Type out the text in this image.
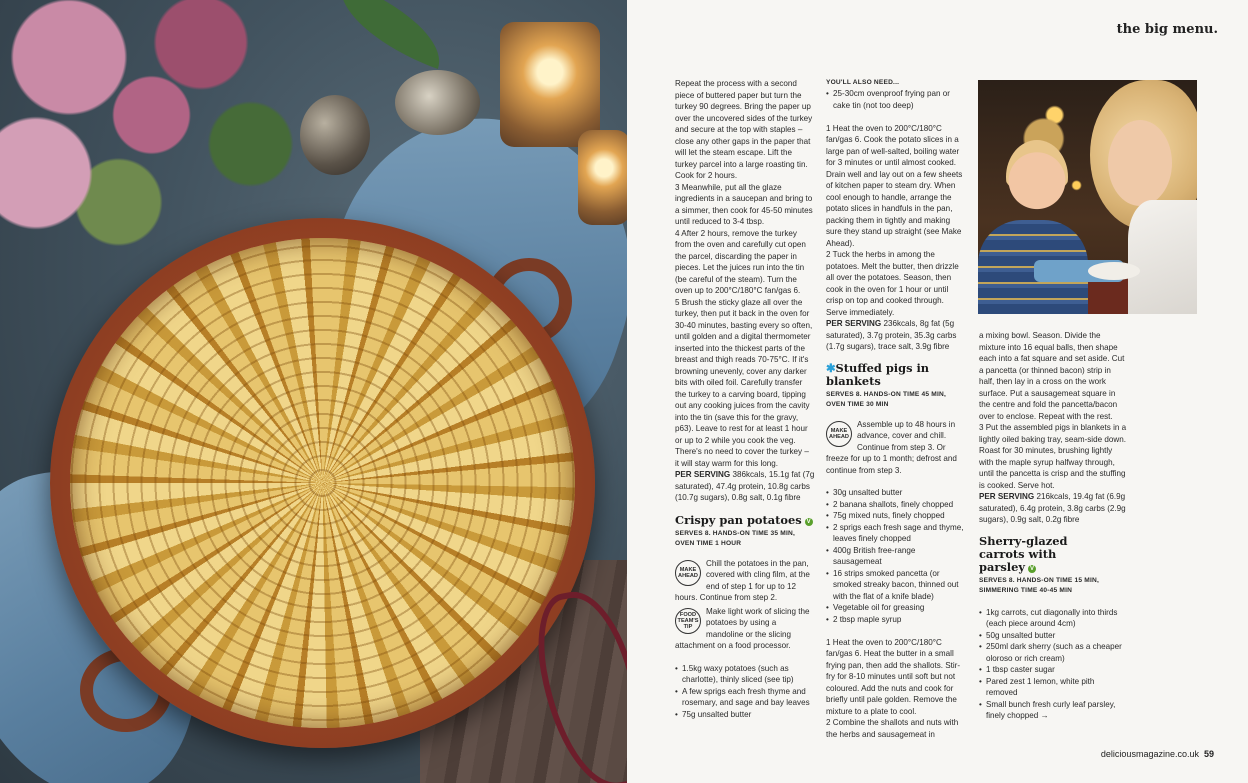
the big menu.

Repeat the process with a second piece of buttered paper but turn the turkey 90 degrees. Bring the paper up over the uncovered sides of the turkey and secure at the top with staples – close any other gaps in the paper that will let the steam escape. Lift the turkey parcel into a large roasting tin. Cook for 2 hours.

3 Meanwhile, put all the glaze ingredients in a saucepan and bring to a simmer, then cook for 45-50 minutes until reduced to 3-4 tbsp.

4 After 2 hours, remove the turkey from the oven and carefully cut open the parcel, discarding the paper in pieces. Let the juices run into the tin (be careful of the steam). Turn the oven up to 200°C/180°C fan/gas 6.

5 Brush the sticky glaze all over the turkey, then put it back in the oven for 30-40 minutes, basting every so often, until golden and a digital thermometer inserted into the thickest parts of the breast and thigh reads 70-75°C. If it's browning unevenly, cover any darker bits with oiled foil. Carefully transfer the turkey to a carving board, tipping out any cooking juices from the cavity into the tin (save this for the gravy, p63). Leave to rest for at least 1 hour or up to 2 while you cook the veg. There's no need to cover the turkey – it will stay warm for this long.

PER SERVING 386kcals, 15.1g fat (7g saturated), 47.4g protein, 10.8g carbs (10.7g sugars), 0.8g salt, 0.1g fibre

Crispy pan potatoes V
SERVES 8. HANDS-ON TIME 35 MIN,
OVEN TIME 1 HOUR
MAKE AHEAD
Chill the potatoes in the pan, covered with cling film, at the end of step 1 for up to 12 hours. Continue from step 2.
FOOD TEAM'S TIP
Make light work of slicing the potatoes by using a mandoline or the slicing attachment on a food processor.
• 1.5kg waxy potatoes (such as charlotte), thinly sliced (see tip)
• A few sprigs each fresh thyme and rosemary, and sage and bay leaves
• 75g unsalted butter
YOU'LL ALSO NEED...
• 25-30cm ovenproof frying pan or cake tin (not too deep)

1 Heat the oven to 200°C/180°C fan/gas 6. Cook the potato slices in a large pan of well-salted, boiling water for 3 minutes or until almost cooked. Drain well and lay out on a few sheets of kitchen paper to steam dry. When cool enough to handle, arrange the potato slices in handfuls in the pan, packing them in tightly and making sure they stand up straight (see Make Ahead).

2 Tuck the herbs in among the potatoes. Melt the butter, then drizzle all over the potatoes. Season, then cook in the oven for 1 hour or until crisp on top and cooked through. Serve immediately.

PER SERVING 236kcals, 8g fat (5g saturated), 3.7g protein, 35.3g carbs (1.7g sugars), trace salt, 3.9g fibre

✱Stuffed pigs in blankets
SERVES 8. HANDS-ON TIME 45 MIN,
OVEN TIME 30 MIN
MAKE AHEAD
Assemble up to 48 hours in advance, cover and chill. Continue from step 3. Or freeze for up to 1 month; defrost and continue from step 3.
• 30g unsalted butter
• 2 banana shallots, finely chopped
• 75g mixed nuts, finely chopped
• 2 sprigs each fresh sage and thyme, leaves finely chopped
• 400g British free-range sausagemeat
• 16 strips smoked pancetta (or smoked streaky bacon, thinned out with the flat of a knife blade)
• Vegetable oil for greasing
• 2 tbsp maple syrup

1 Heat the oven to 200°C/180°C fan/gas 6. Heat the butter in a small frying pan, then add the shallots. Stir-fry for 8-10 minutes until soft but not coloured. Add the nuts and cook for briefly until pale golden. Remove the mixture to a plate to cool.

2 Combine the shallots and nuts with the herbs and sausagemeat in

a mixing bowl. Season. Divide the mixture into 16 equal balls, then shape each into a fat square and set aside. Cut a pancetta (or thinned bacon) strip in half, then lay in a cross on the work surface. Put a sausagemeat square in the centre and fold the pancetta/bacon over to enclose. Repeat with the rest.

3 Put the assembled pigs in blankets in a lightly oiled baking tray, seam-side down. Roast for 30 minutes, brushing lightly with the maple syrup halfway through, until the pancetta is crisp and the stuffing is cooked. Serve hot.

PER SERVING 216kcals, 19.4g fat (6.9g saturated), 6.4g protein, 3.8g carbs (2.9g sugars), 0.9g salt, 0.2g fibre

Sherry-glazed carrots with parsley V
SERVES 8. HANDS-ON TIME 15 MIN,
SIMMERING TIME 40-45 MIN
• 1kg carrots, cut diagonally into thirds (each piece around 4cm)
• 50g unsalted butter
• 250ml dark sherry (such as a cheaper oloroso or rich cream)
• 1 tbsp caster sugar
• Pared zest 1 lemon, white pith removed
• Small bunch fresh curly leaf parsley, finely chopped →
deliciousmagazine.co.uk 59
